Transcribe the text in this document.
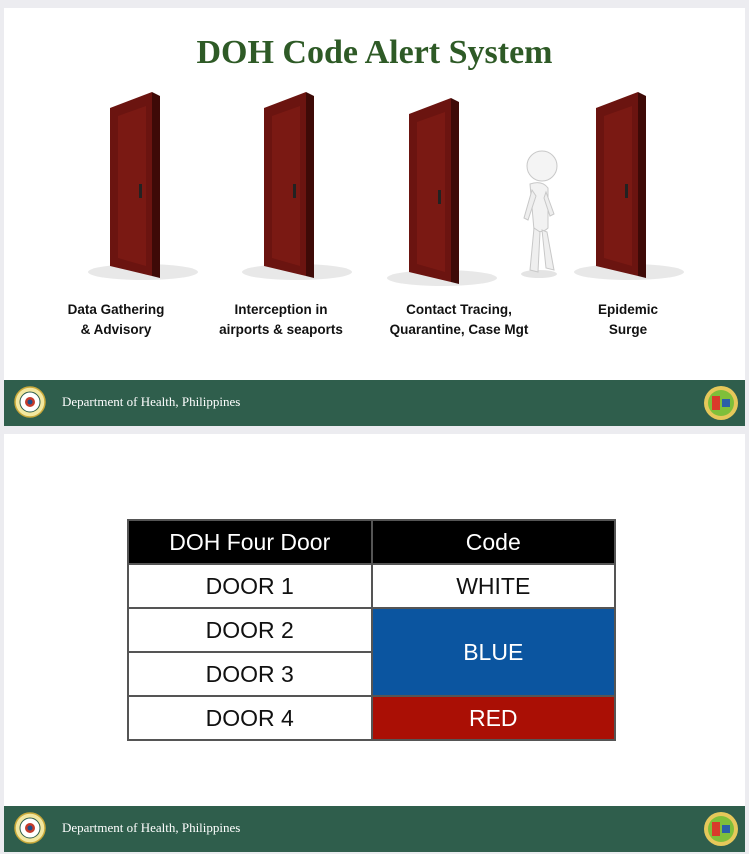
DOH Code Alert System
Data Gathering
& Advisory
Interception in
airports & seaports
Contact Tracing,
Quarantine, Case Mgt
Epidemic
Surge
Department of Health, Philippines
DOH Four Door	Code
DOOR 1	WHITE
DOOR 2	BLUE
DOOR 3	
DOOR 4	RED
Department of Health, Philippines
